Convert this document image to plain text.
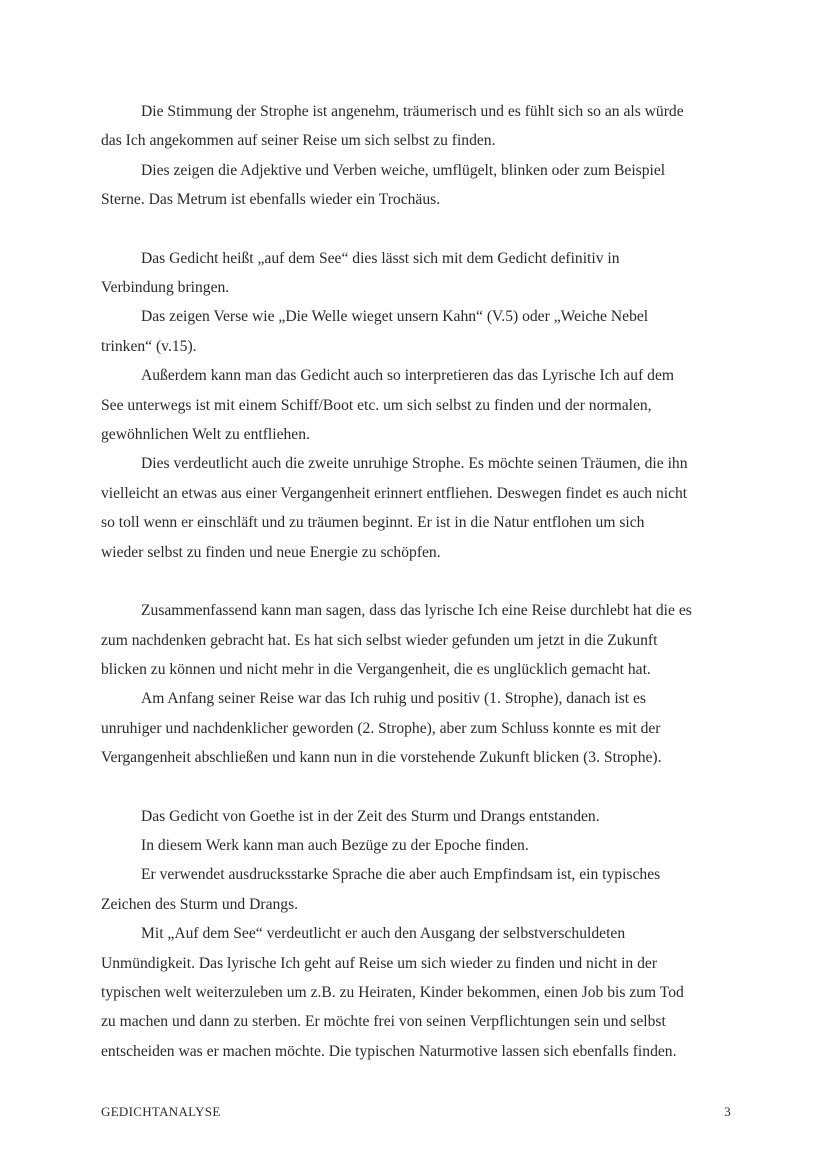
Die Stimmung der Strophe ist angenehm, träumerisch und es fühlt sich so an als würde
das Ich angekommen auf seiner Reise um sich selbst zu finden.

Dies zeigen die Adjektive und Verben weiche, umflügelt, blinken oder zum Beispiel
Sterne. Das Metrum ist ebenfalls wieder ein Trochäus.

Das Gedicht heißt „auf dem See“ dies lässt sich mit dem Gedicht definitiv in
Verbindung bringen.

Das zeigen Verse wie „Die Welle wieget unsern Kahn“ (V.5) oder „Weiche Nebel
trinken“ (v.15).

Außerdem kann man das Gedicht auch so interpretieren das das Lyrische Ich auf dem
See unterwegs ist mit einem Schiff/Boot etc. um sich selbst zu finden und der normalen,
gewöhnlichen Welt zu entfliehen.

Dies verdeutlicht auch die zweite unruhige Strophe. Es möchte seinen Träumen, die ihn
vielleicht an etwas aus einer Vergangenheit erinnert entfliehen. Deswegen findet es auch nicht
so toll wenn er einschläft und zu träumen beginnt. Er ist in die Natur entflohen um sich
wieder selbst zu finden und neue Energie zu schöpfen.

Zusammenfassend kann man sagen, dass das lyrische Ich eine Reise durchlebt hat die es
zum nachdenken gebracht hat. Es hat sich selbst wieder gefunden um jetzt in die Zukunft
blicken zu können und nicht mehr in die Vergangenheit, die es unglücklich gemacht hat.

Am Anfang seiner Reise war das Ich ruhig und positiv (1. Strophe), danach ist es
unruhiger und nachdenklicher geworden (2. Strophe), aber zum Schluss konnte es mit der
Vergangenheit abschließen und kann nun in die vorstehende Zukunft blicken (3. Strophe).

Das Gedicht von Goethe ist in der Zeit des Sturm und Drangs entstanden.

In diesem Werk kann man auch Bezüge zu der Epoche finden.

Er verwendet ausdrucksstarke Sprache die aber auch Empfindsam ist, ein typisches
Zeichen des Sturm und Drangs.

Mit „Auf dem See“ verdeutlicht er auch den Ausgang der selbstverschuldeten
Unmündigkeit. Das lyrische Ich geht auf Reise um sich wieder zu finden und nicht in der
typischen welt weiterzuleben um z.B. zu Heiraten, Kinder bekommen, einen Job bis zum Tod
zu machen und dann zu sterben. Er möchte frei von seinen Verpflichtungen sein und selbst
entscheiden was er machen möchte. Die typischen Naturmotive lassen sich ebenfalls finden.

GEDICHTANALYSE	3
